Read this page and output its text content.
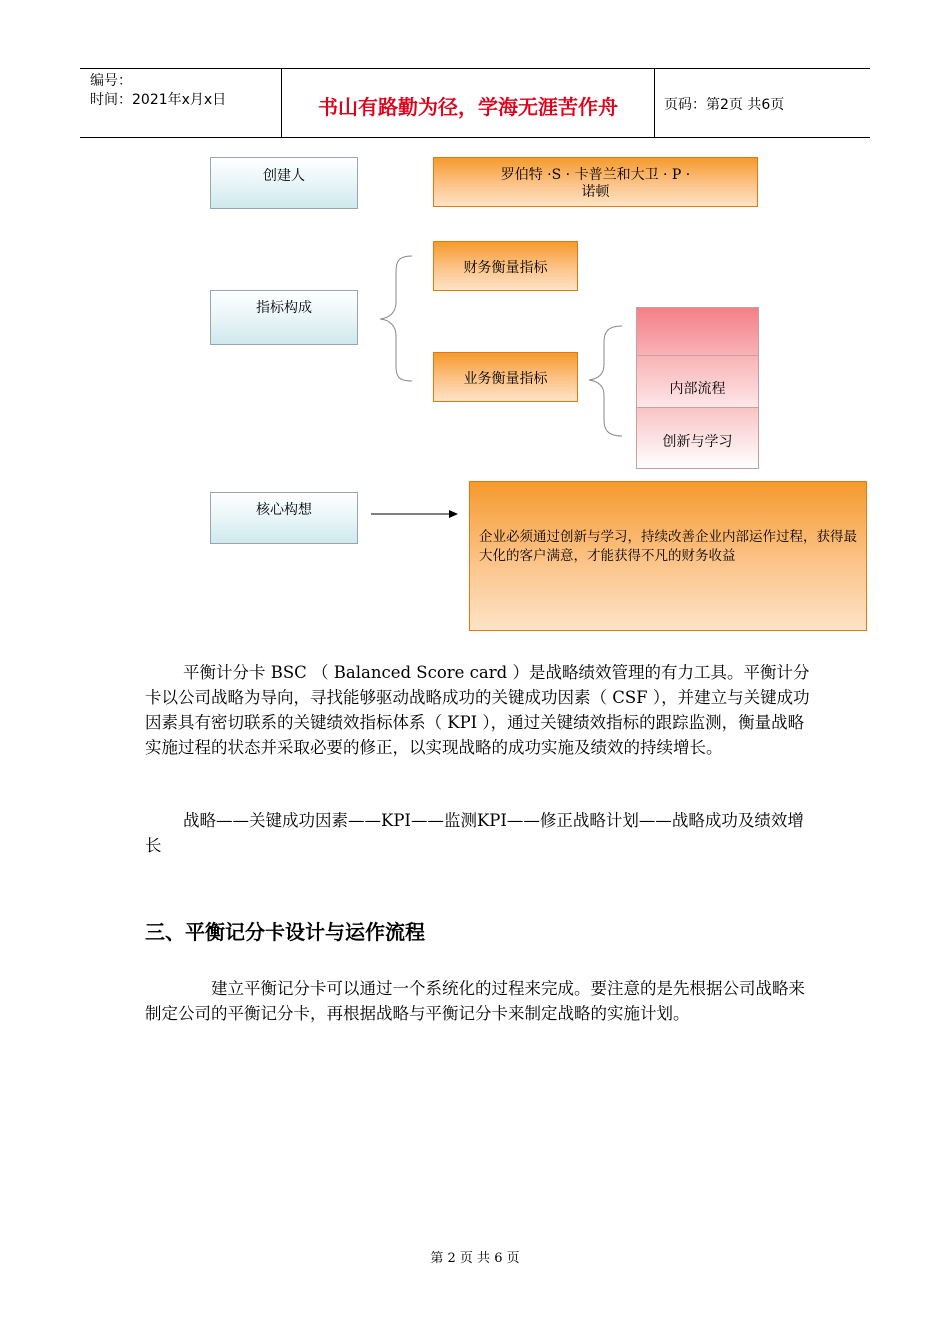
编号：
时间：2021年x月x日	书山有路勤为径，学海无涯苦作舟	页码：第2页 共6页
创建人	罗伯特 ·S · 卡普兰和大卫 · P ·
诺顿
指标构成
财务衡量指标
业务衡量指标
内部流程
创新与学习
核心构想
企业必须通过创新与学习，持续改善企业内部运作过程，获得最大化的客户满意，才能获得不凡的财务收益
平衡计分卡 BSC （ Balanced Score card ）是战略绩效管理的有力工具。平衡计分卡以公司战略为导向，寻找能够驱动战略成功的关键成功因素（ CSF ），并建立与关键成功因素具有密切联系的关键绩效指标体系（ KPI ），通过关键绩效指标的跟踪监测，衡量战略实施过程的状态并采取必要的修正，以实现战略的成功实施及绩效的持续增长。
战略——关键成功因素——KPI——监测KPI——修正战略计划——战略成功及绩效增长
三、平衡记分卡设计与运作流程
建立平衡记分卡可以通过一个系统化的过程来完成。要注意的是先根据公司战略来制定公司的平衡记分卡，再根据战略与平衡记分卡来制定战略的实施计划。
第 2 页 共 6 页
